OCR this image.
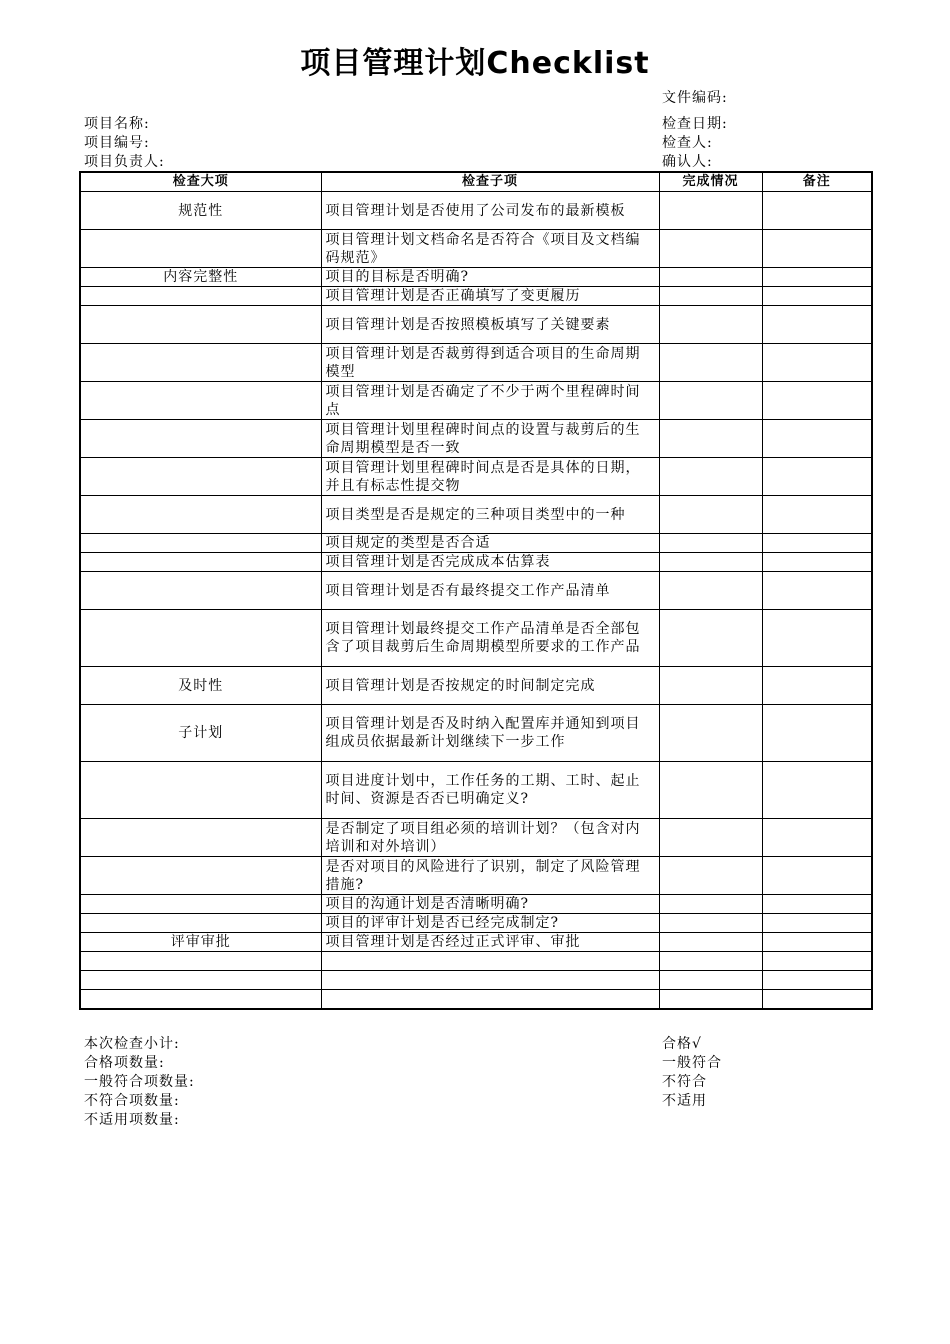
项目管理计划Checklist
文件编码:
项目名称:
项目编号:
项目负责人:
检查日期:
检查人:
确认人:
检查大项	检查子项	完成情况	备注
规范性	项目管理计划是否使用了公司发布的最新模板		
	项目管理计划文档命名是否符合《项目及文档编码规范》		
内容完整性	项目的目标是否明确?		
	项目管理计划是否正确填写了变更履历		
	项目管理计划是否按照模板填写了关键要素		
	项目管理计划是否裁剪得到适合项目的生命周期模型		
	项目管理计划是否确定了不少于两个里程碑时间点		
	项目管理计划里程碑时间点的设置与裁剪后的生命周期模型是否一致		
	项目管理计划里程碑时间点是否是具体的日期，并且有标志性提交物		
	项目类型是否是规定的三种项目类型中的一种		
	项目规定的类型是否合适		
	项目管理计划是否完成成本估算表		
	项目管理计划是否有最终提交工作产品清单		
	项目管理计划最终提交工作产品清单是否全部包含了项目裁剪后生命周期模型所要求的工作产品		
及时性	项目管理计划是否按规定的时间制定完成		
子计划	项目管理计划是否及时纳入配置库并通知到项目组成员依据最新计划继续下一步工作		
	项目进度计划中，工作任务的工期、工时、起止时间、资源是否否已明确定义?		
	是否制定了项目组必须的培训计划？（包含对内培训和对外培训）		
	是否对项目的风险进行了识别，制定了风险管理措施?		
	项目的沟通计划是否清晰明确?		
	项目的评审计划是否已经完成制定?		
评审审批	项目管理计划是否经过正式评审、审批		

本次检查小计:
合格项数量:
一般符合项数量:
不符合项数量:
不适用项数量:
合格√
一般符合
不符合
不适用
